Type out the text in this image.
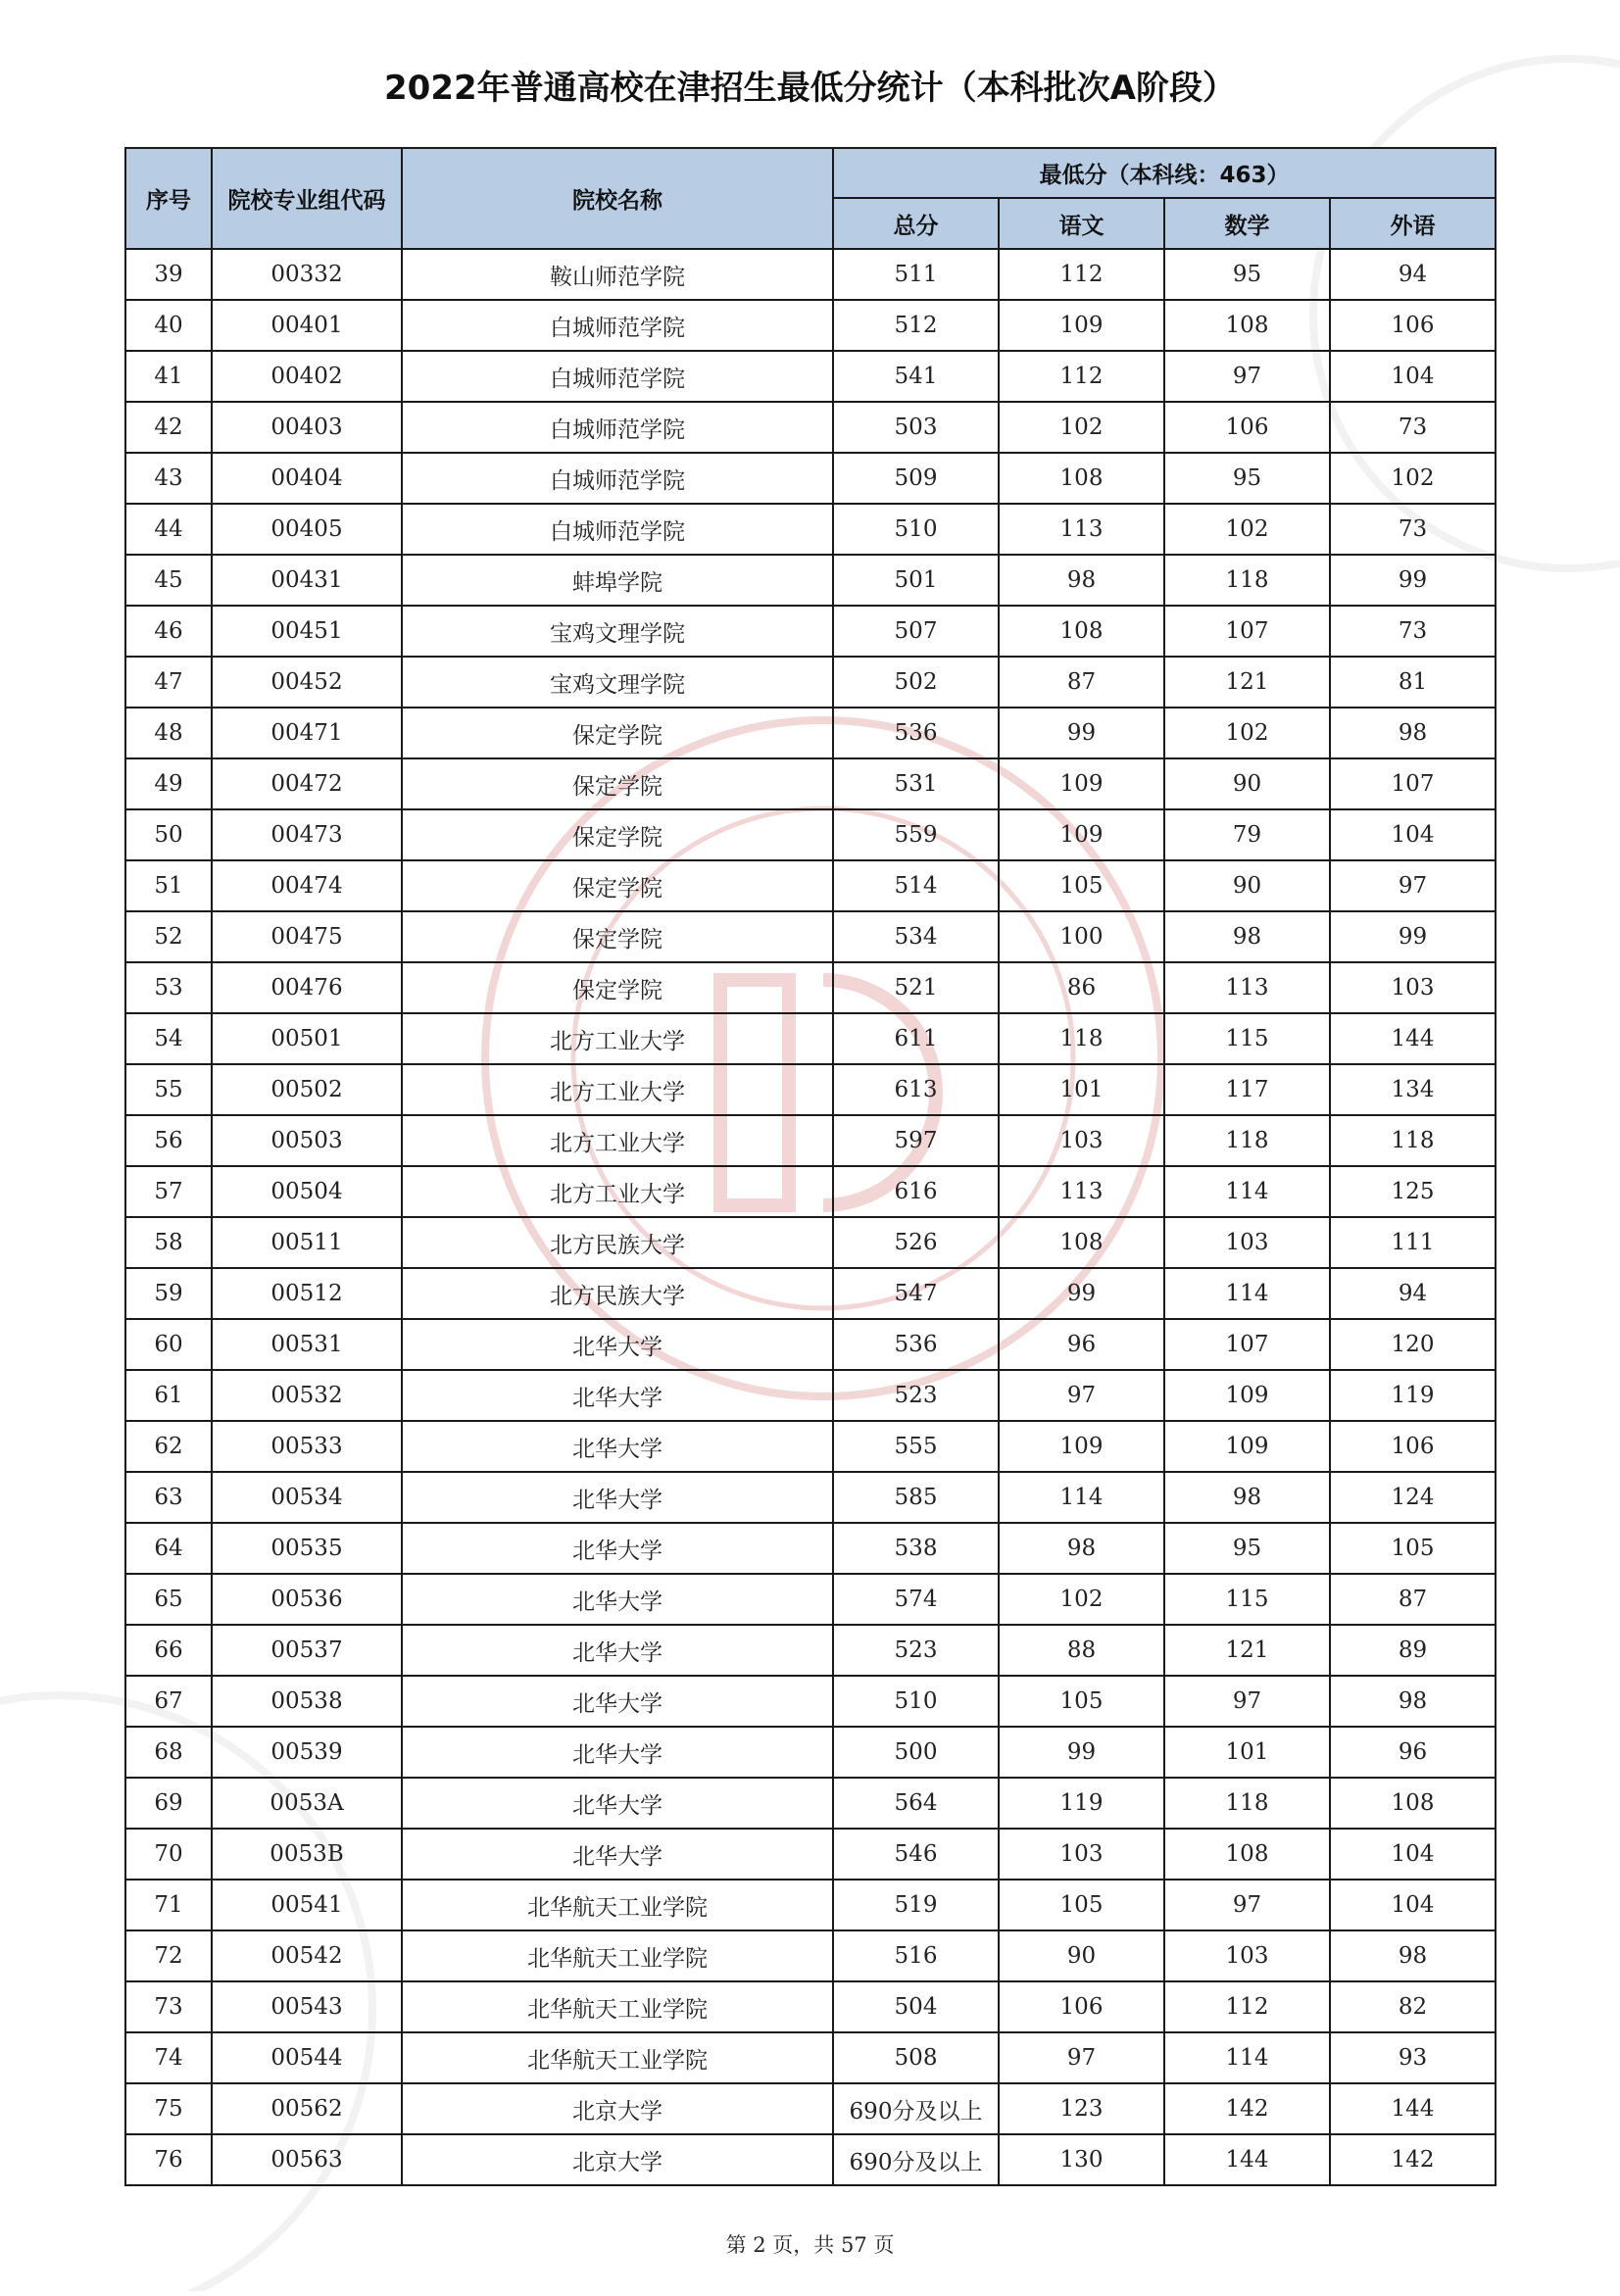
2022年普通高校在津招生最低分统计（本科批次A阶段）
序号	院校专业组代码	院校名称	最低分（本科线：463）			
			总分	语文	数学	外语
39	00332	鞍山师范学院	511	112	95	94
40	00401	白城师范学院	512	109	108	106
41	00402	白城师范学院	541	112	97	104
42	00403	白城师范学院	503	102	106	73
43	00404	白城师范学院	509	108	95	102
44	00405	白城师范学院	510	113	102	73
45	00431	蚌埠学院	501	98	118	99
46	00451	宝鸡文理学院	507	108	107	73
47	00452	宝鸡文理学院	502	87	121	81
48	00471	保定学院	536	99	102	98
49	00472	保定学院	531	109	90	107
50	00473	保定学院	559	109	79	104
51	00474	保定学院	514	105	90	97
52	00475	保定学院	534	100	98	99
53	00476	保定学院	521	86	113	103
54	00501	北方工业大学	611	118	115	144
55	00502	北方工业大学	613	101	117	134
56	00503	北方工业大学	597	103	118	118
57	00504	北方工业大学	616	113	114	125
58	00511	北方民族大学	526	108	103	111
59	00512	北方民族大学	547	99	114	94
60	00531	北华大学	536	96	107	120
61	00532	北华大学	523	97	109	119
62	00533	北华大学	555	109	109	106
63	00534	北华大学	585	114	98	124
64	00535	北华大学	538	98	95	105
65	00536	北华大学	574	102	115	87
66	00537	北华大学	523	88	121	89
67	00538	北华大学	510	105	97	98
68	00539	北华大学	500	99	101	96
69	0053A	北华大学	564	119	118	108
70	0053B	北华大学	546	103	108	104
71	00541	北华航天工业学院	519	105	97	104
72	00542	北华航天工业学院	516	90	103	98
73	00543	北华航天工业学院	504	106	112	82
74	00544	北华航天工业学院	508	97	114	93
75	00562	北京大学	690分及以上	123	142	144
76	00563	北京大学	690分及以上	130	144	142
第 2 页，共 57 页
